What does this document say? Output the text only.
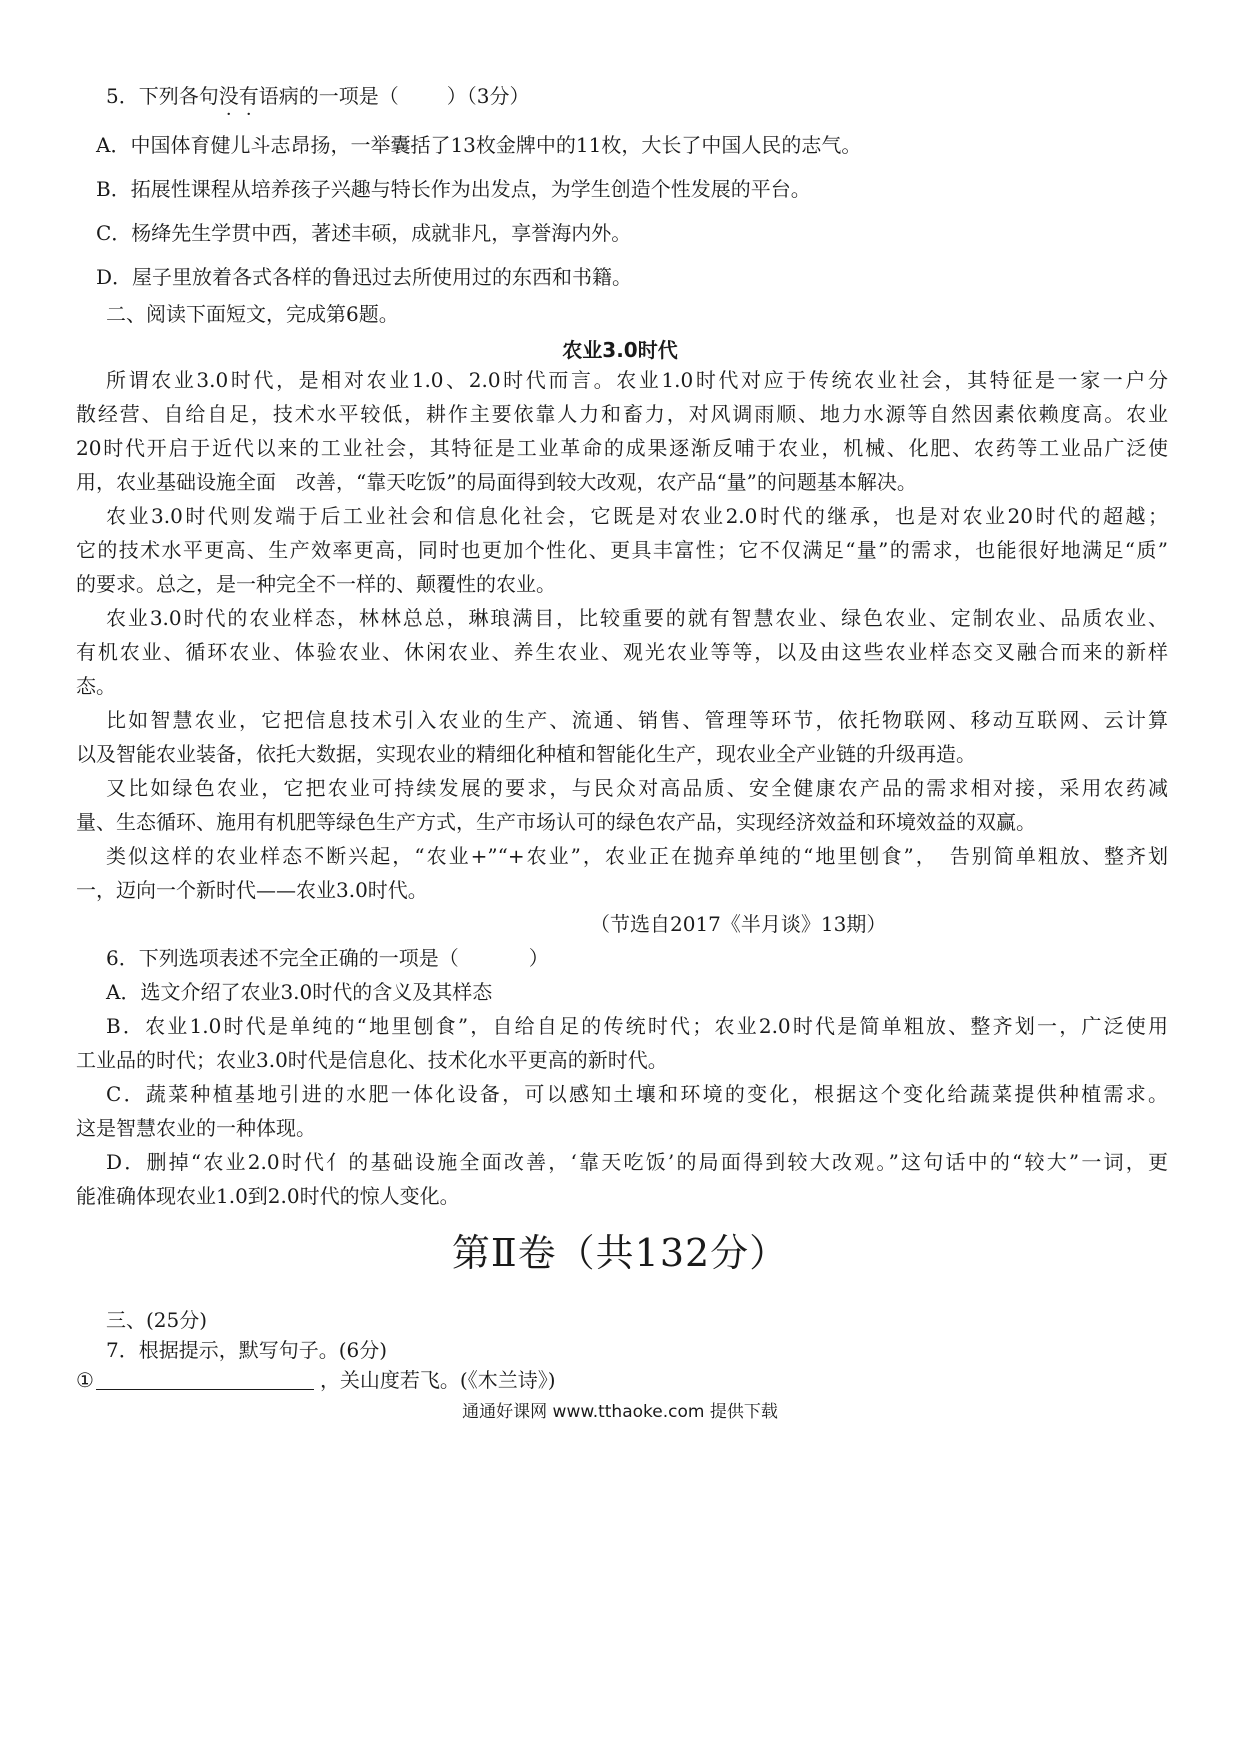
5．下列各句没有语病的一项是（ ）（3分）
A．中国体育健儿斗志昂扬，一举囊括了13枚金牌中的11枚，大长了中国人民的志气。
B．拓展性课程从培养孩子兴趣与特长作为出发点，为学生创造个性发展的平台。
C．杨绛先生学贯中西，著述丰硕，成就非凡，享誉海内外。
D．屋子里放着各式各样的鲁迅过去所使用过的东西和书籍。
二、阅读下面短文，完成第6题。
农业3.0时代
所谓农业3.0时代，是相对农业1.0、2.0时代而言。农业1.0时代对应于传统农业社会，其特征是一家一户分
散经营、自给自足，技术水平较低，耕作主要依靠人力和畜力，对风调雨顺、地力水源等自然因素依赖度高。农业
20时代开启于近代以来的工业社会，其特征是工业革命的成果逐渐反哺于农业，机械、化肥、农药等工业品广泛使
用，农业基础设施全面　改善，“靠天吃饭”的局面得到较大改观，农产品“量”的问题基本解决。
农业3.0时代则发端于后工业社会和信息化社会，它既是对农业2.0时代的继承，也是对农业20时代的超越；
它的技术水平更高、生产效率更高，同时也更加个性化、更具丰富性；它不仅满足“量”的需求，也能很好地满足“质”
的要求。总之，是一种完全不一样的、颠覆性的农业。
农业3.0时代的农业样态，林林总总，琳琅满目，比较重要的就有智慧农业、绿色农业、定制农业、品质农业、
有机农业、循环农业、体验农业、休闲农业、养生农业、观光农业等等，以及由这些农业样态交叉融合而来的新样
态。
比如智慧农业，它把信息技术引入农业的生产、流通、销售、管理等环节，依托物联网、移动互联网、云计算
以及智能农业装备，依托大数据，实现农业的精细化种植和智能化生产，现农业全产业链的升级再造。
又比如绿色农业，它把农业可持续发展的要求，与民众对高品质、安全健康农产品的需求相对接，采用农药减
量、生态循环、施用有机肥等绿色生产方式，生产市场认可的绿色农产品，实现经济效益和环境效益的双赢。
类似这样的农业样态不断兴起，“农业+”“+农业”，农业正在抛弃单纯的“地里刨食”，　告别简单粗放、整齐划
一，迈向一个新时代——农业3.0时代。
（节选自2017《半月谈》13期）
6．下列选项表述不完全正确的一项是（	）
A．选文介绍了农业3.0时代的含义及其样态
B．农业1.0时代是单纯的“地里刨食”，自给自足的传统时代；农业2.0时代是简单粗放、整齐划一，广泛使用
工业品的时代；农业3.0时代是信息化、技术化水平更高的新时代。
C．蔬菜种植基地引进的水肥一体化设备，可以感知土壤和环境的变化，根据这个变化给蔬菜提供种植需求。
这是智慧农业的一种体现。
D．删掉“农业2.0时代亻的基础设施全面改善，‘靠天吃饭’的局面得到较大改观。”这句话中的“较大”一词，更
能准确体现农业1.0到2.0时代的惊人变化。
第Ⅱ卷（共132分）
三、(25分)
7．根据提示，默写句子。(6分)
①	，关山度若飞。(《木兰诗》)
通通好课网 www.tthaoke.com 提供下载
